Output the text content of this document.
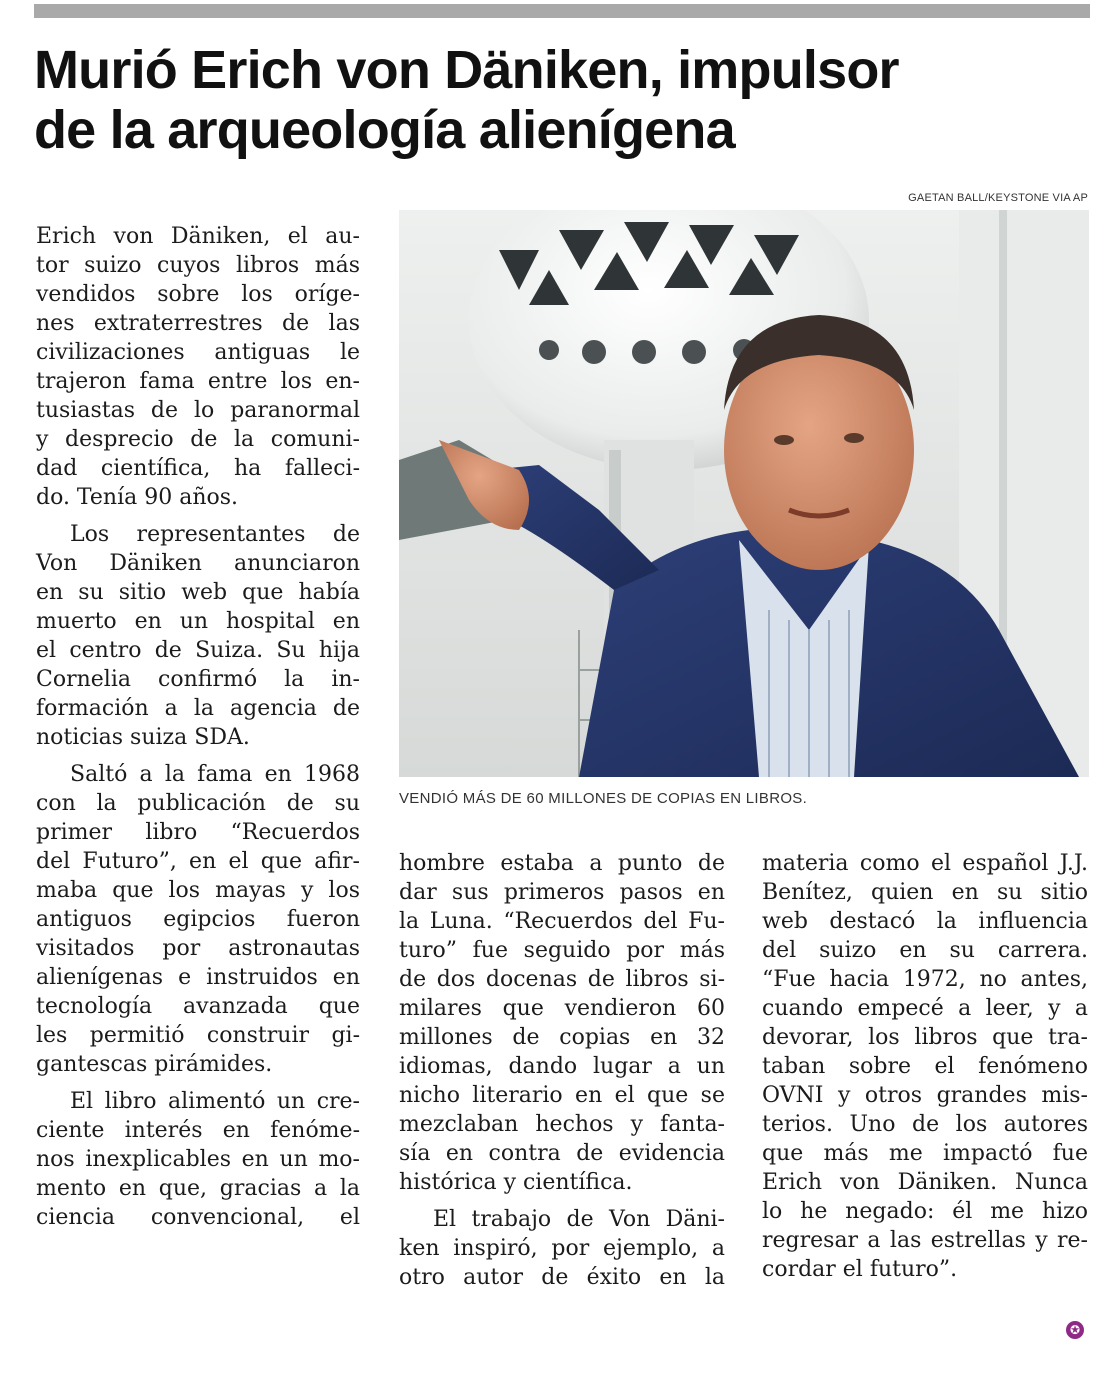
Murió Erich von Däniken, impulsor
de la arqueología alienígena
GAETAN BALL/KEYSTONE VIA AP
Erich von Däniken, el au-
tor suizo cuyos libros más
vendidos sobre los oríge-
nes extraterrestres de las
civilizaciones antiguas le
trajeron fama entre los en-
tusiastas de lo paranormal
y desprecio de la comuni-
dad científica, ha falleci-
do. Tenía 90 años.
Los representantes de
Von Däniken anunciaron
en su sitio web que había
muerto en un hospital en
el centro de Suiza. Su hija
Cornelia confirmó la in-
formación a la agencia de
noticias suiza SDA.
Saltó a la fama en 1968
con la publicación de su
primer libro “Recuerdos
del Futuro”, en el que afir-
maba que los mayas y los
antiguos egipcios fueron
visitados por astronautas
alienígenas e instruidos en
tecnología avanzada que
les permitió construir gi-
gantescas pirámides.
El libro alimentó un cre-
ciente interés en fenóme-
nos inexplicables en un mo-
mento en que, gracias a la
ciencia convencional, el
VENDIÓ MÁS DE 60 MILLONES DE COPIAS EN LIBROS.
hombre estaba a punto de
dar sus primeros pasos en
la Luna. “Recuerdos del Fu-
turo” fue seguido por más
de dos docenas de libros si-
milares que vendieron 60
millones de copias en 32
idiomas, dando lugar a un
nicho literario en el que se
mezclaban hechos y fanta-
sía en contra de evidencia
histórica y científica.
El trabajo de Von Däni-
ken inspiró, por ejemplo, a
otro autor de éxito en la
materia como el español J.J.
Benítez, quien en su sitio
web destacó la influencia
del suizo en su carrera.
“Fue hacia 1972, no antes,
cuando empecé a leer, y a
devorar, los libros que tra-
taban sobre el fenómeno
OVNI y otros grandes mis-
terios. Uno de los autores
que más me impactó fue
Erich von Däniken. Nunca
lo he negado: él me hizo
regresar a las estrellas y re-
cordar el futuro”.
✪
